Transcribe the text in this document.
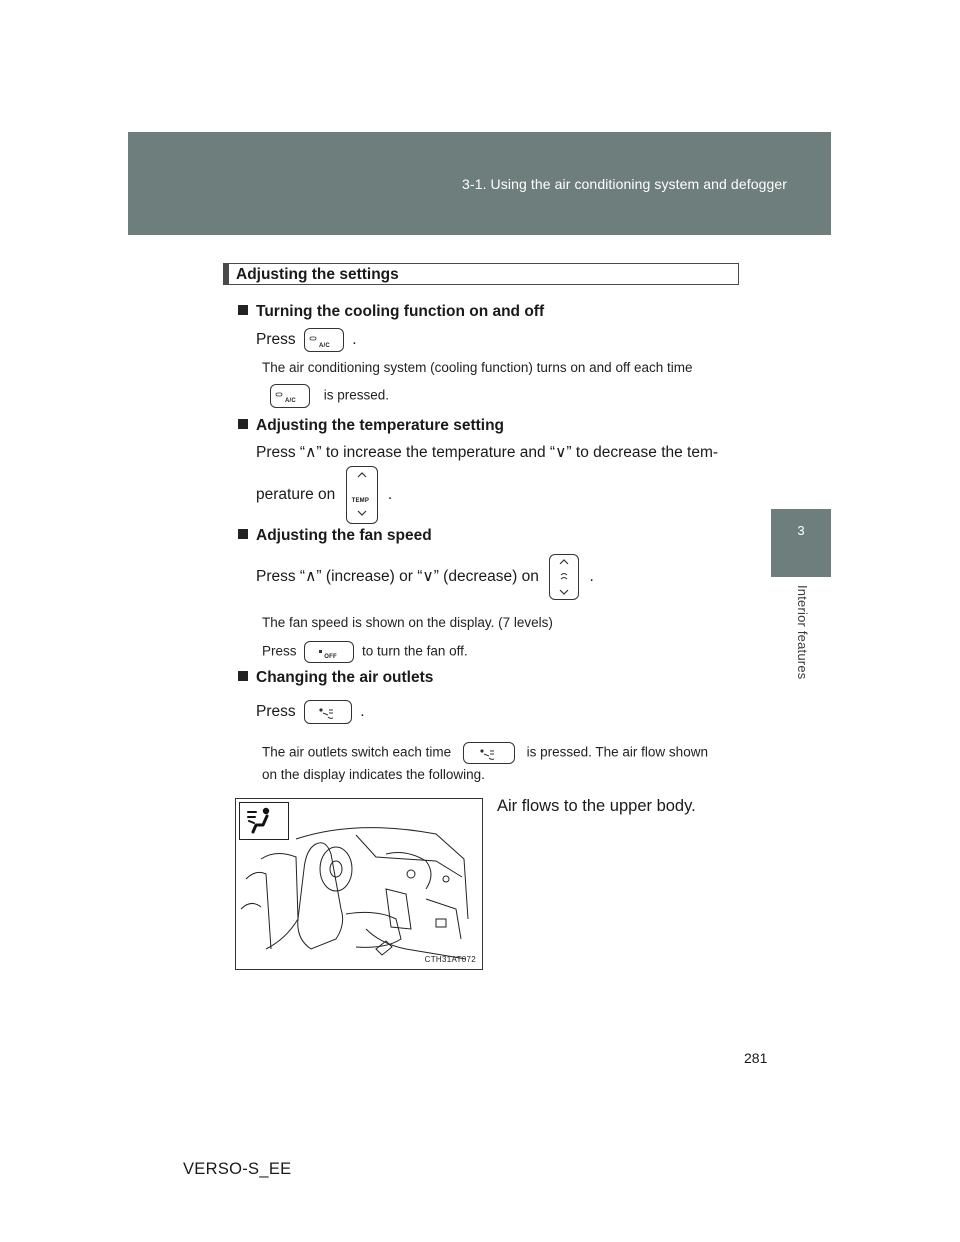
3-1. Using the air conditioning system and defogger
3
Interior features
Adjusting the settings
Turning the cooling function on and off
Press	A/C .
The air conditioning system (cooling function) turns on and off each time
A/C is pressed.
Adjusting the temperature setting
Press “∧” to increase the temperature and “∨” to decrease the tem-
perature on	TEMP .
Adjusting the fan speed
Press “∧” (increase) or “∨” (decrease) on	.
The fan speed is shown on the display. (7 levels)
Press	OFF to turn the fan off.
Changing the air outlets
Press	.
The air outlets switch each time	is pressed. The air flow shown
on the display indicates the following.
CTH31AT072
Air flows to the upper body.
281
VERSO-S_EE
